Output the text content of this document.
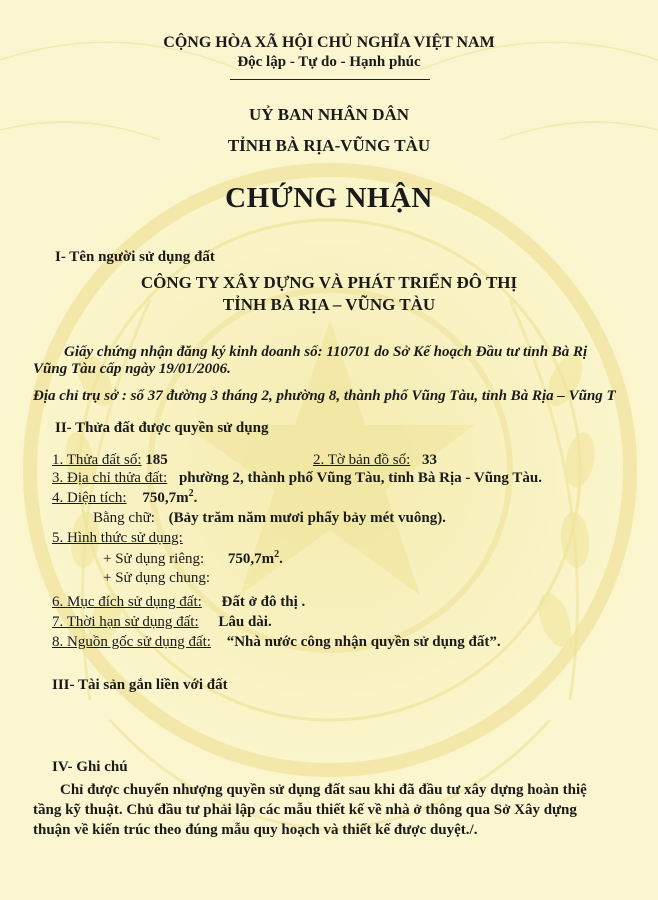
CỘNG HÒA XÃ HỘI CHỦ NGHĨA VIỆT NAM
Độc lập - Tự do - Hạnh phúc
UỶ BAN NHÂN DÂN
TỈNH BÀ RỊA-VŨNG TÀU
CHỨNG NHẬN
I- Tên người sử dụng đất
CÔNG TY XÂY DỰNG VÀ PHÁT TRIỂN ĐÔ THỊ
TỈNH BÀ RỊA – VŨNG TÀU
Giấy chứng nhận đăng ký kinh doanh số: 110701 do Sở Kế hoạch Đầu tư tỉnh Bà Rị
Vũng Tàu cấp ngày 19/01/2006.
Địa chỉ trụ sở : số 37 đường 3 tháng 2, phường 8, thành phố Vũng Tàu, tỉnh Bà Rịa – Vũng T
II- Thửa đất được quyền sử dụng
1. Thửa đất số: 185	2. Tờ bản đồ số: 33
3. Địa chỉ thửa đất: phường 2, thành phố Vũng Tàu, tỉnh Bà Rịa - Vũng Tàu.
4. Diện tích: $750,7m^2$.
Bằng chữ: (Bảy trăm năm mươi phẩy bảy mét vuông).
5. Hình thức sử dụng:
+ Sử dụng riêng: $750,7m^2$.
+ Sử dụng chung:
6. Mục đích sử dụng đất: Đất ở đô thị .
7. Thời hạn sử dụng đất: Lâu dài.
8. Nguồn gốc sử dụng đất: “Nhà nước công nhận quyền sử dụng đất”.
III- Tài sản gắn liền với đất
IV- Ghi chú
Chỉ được chuyển nhượng quyền sử dụng đất sau khi đã đầu tư xây dựng hoàn thiệ
tầng kỹ thuật. Chủ đầu tư phải lập các mẫu thiết kế về nhà ở thông qua Sở Xây dựng
thuận về kiến trúc theo đúng mẫu quy hoạch và thiết kế được duyệt./.
